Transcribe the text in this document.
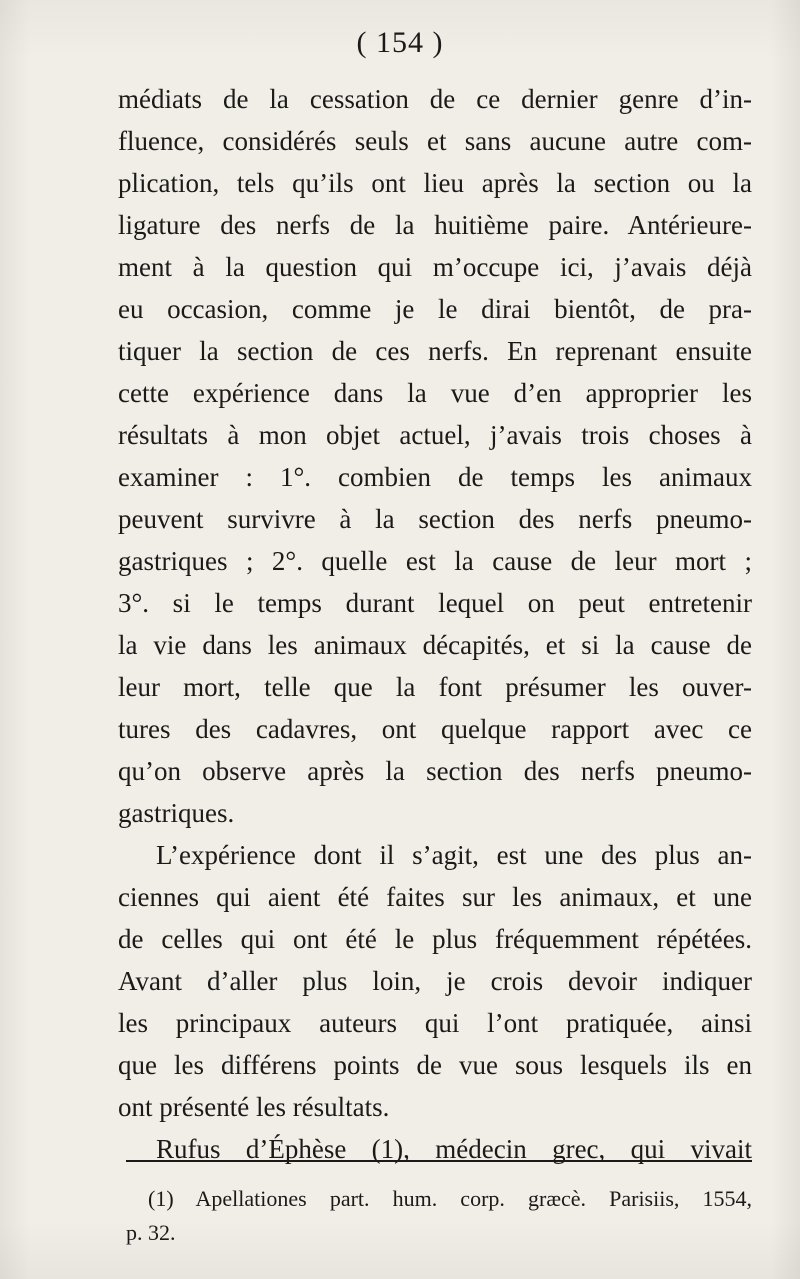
( 154 )
médiats de la cessation de ce dernier genre d’in-
fluence, considérés seuls et sans aucune autre com-
plication, tels qu’ils ont lieu après la section ou la
ligature des nerfs de la huitième paire. Antérieure-
ment à la question qui m’occupe ici, j’avais déjà
eu occasion, comme je le dirai bientôt, de pra-
tiquer la section de ces nerfs. En reprenant ensuite
cette expérience dans la vue d’en approprier les
résultats à mon objet actuel, j’avais trois choses à
examiner : 1°. combien de temps les animaux
peuvent survivre à la section des nerfs pneumo-
gastriques ; 2°. quelle est la cause de leur mort ;
3°. si le temps durant lequel on peut entretenir
la vie dans les animaux décapités, et si la cause de
leur mort, telle que la font présumer les ouver-
tures des cadavres, ont quelque rapport avec ce
qu’on observe après la section des nerfs pneumo-
gastriques.
L’expérience dont il s’agit, est une des plus an-
ciennes qui aient été faites sur les animaux, et une
de celles qui ont été le plus fréquemment répétées.
Avant d’aller plus loin, je crois devoir indiquer
les principaux auteurs qui l’ont pratiquée, ainsi
que les différens points de vue sous lesquels ils en
ont présenté les résultats.
Rufus d’Éphèse (1), médecin grec, qui vivait
(1) Apellationes part. hum. corp. græcè. Parisiis, 1554,
p. 32.
